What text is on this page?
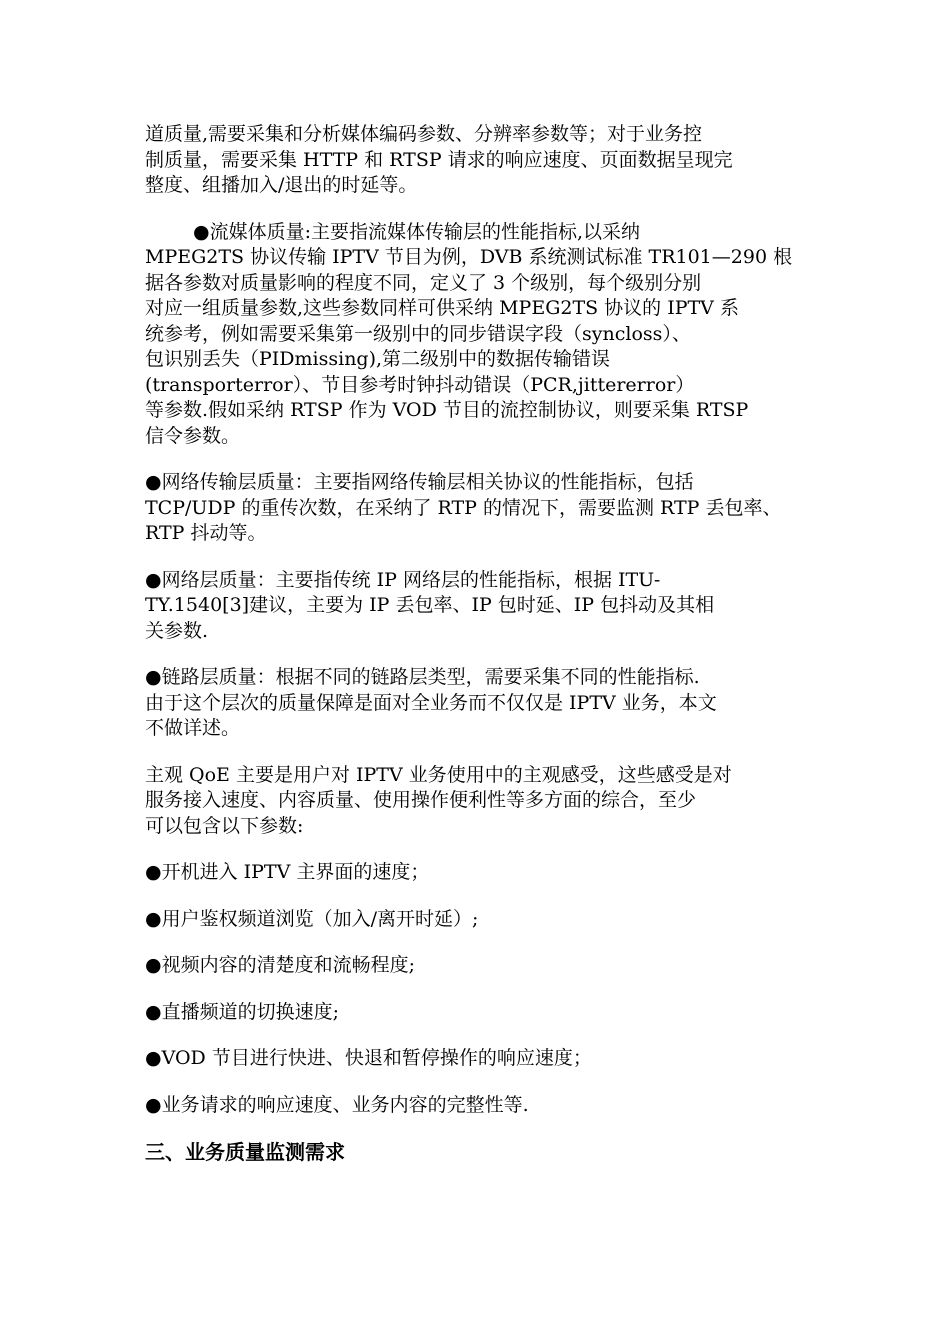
道质量,需要采集和分析媒体编码参数、分辨率参数等；对于业务控
制质量，需要采集 HTTP 和 RTSP 请求的响应速度、页面数据呈现完
整度、组播加入/退出的时延等。
●流媒体质量:主要指流媒体传输层的性能指标,以采纳
MPEG2TS 协议传输 IPTV 节目为例，DVB 系统测试标准 TR101—290 根
据各参数对质量影响的程度不同，定义了 3 个级别，每个级别分别
对应一组质量参数,这些参数同样可供采纳 MPEG2TS 协议的 IPTV 系
统参考，例如需要采集第一级别中的同步错误字段（syncloss）、
包识别丢失（PIDmissing),第二级别中的数据传输错误
(transporterror）、节目参考时钟抖动错误（PCR,jittererror）
等参数.假如采纳 RTSP 作为 VOD 节目的流控制协议，则要采集 RTSP
信令参数。
●网络传输层质量：主要指网络传输层相关协议的性能指标，包括
TCP/UDP 的重传次数，在采纳了 RTP 的情况下，需要监测 RTP 丢包率、
RTP 抖动等。
●网络层质量：主要指传统 IP 网络层的性能指标，根据 ITU-
TY.1540[3]建议，主要为 IP 丢包率、IP 包时延、IP 包抖动及其相
关参数.
●链路层质量：根据不同的链路层类型，需要采集不同的性能指标.
由于这个层次的质量保障是面对全业务而不仅仅是 IPTV 业务，本文
不做详述。
主观 QoE 主要是用户对 IPTV 业务使用中的主观感受，这些感受是对
服务接入速度、内容质量、使用操作便利性等多方面的综合，至少
可以包含以下参数:
●开机进入 IPTV 主界面的速度；
●用户鉴权频道浏览（加入/离开时延）;
●视频内容的清楚度和流畅程度;
●直播频道的切换速度;
●VOD 节目进行快进、快退和暂停操作的响应速度；
●业务请求的响应速度、业务内容的完整性等.
三、业务质量监测需求
